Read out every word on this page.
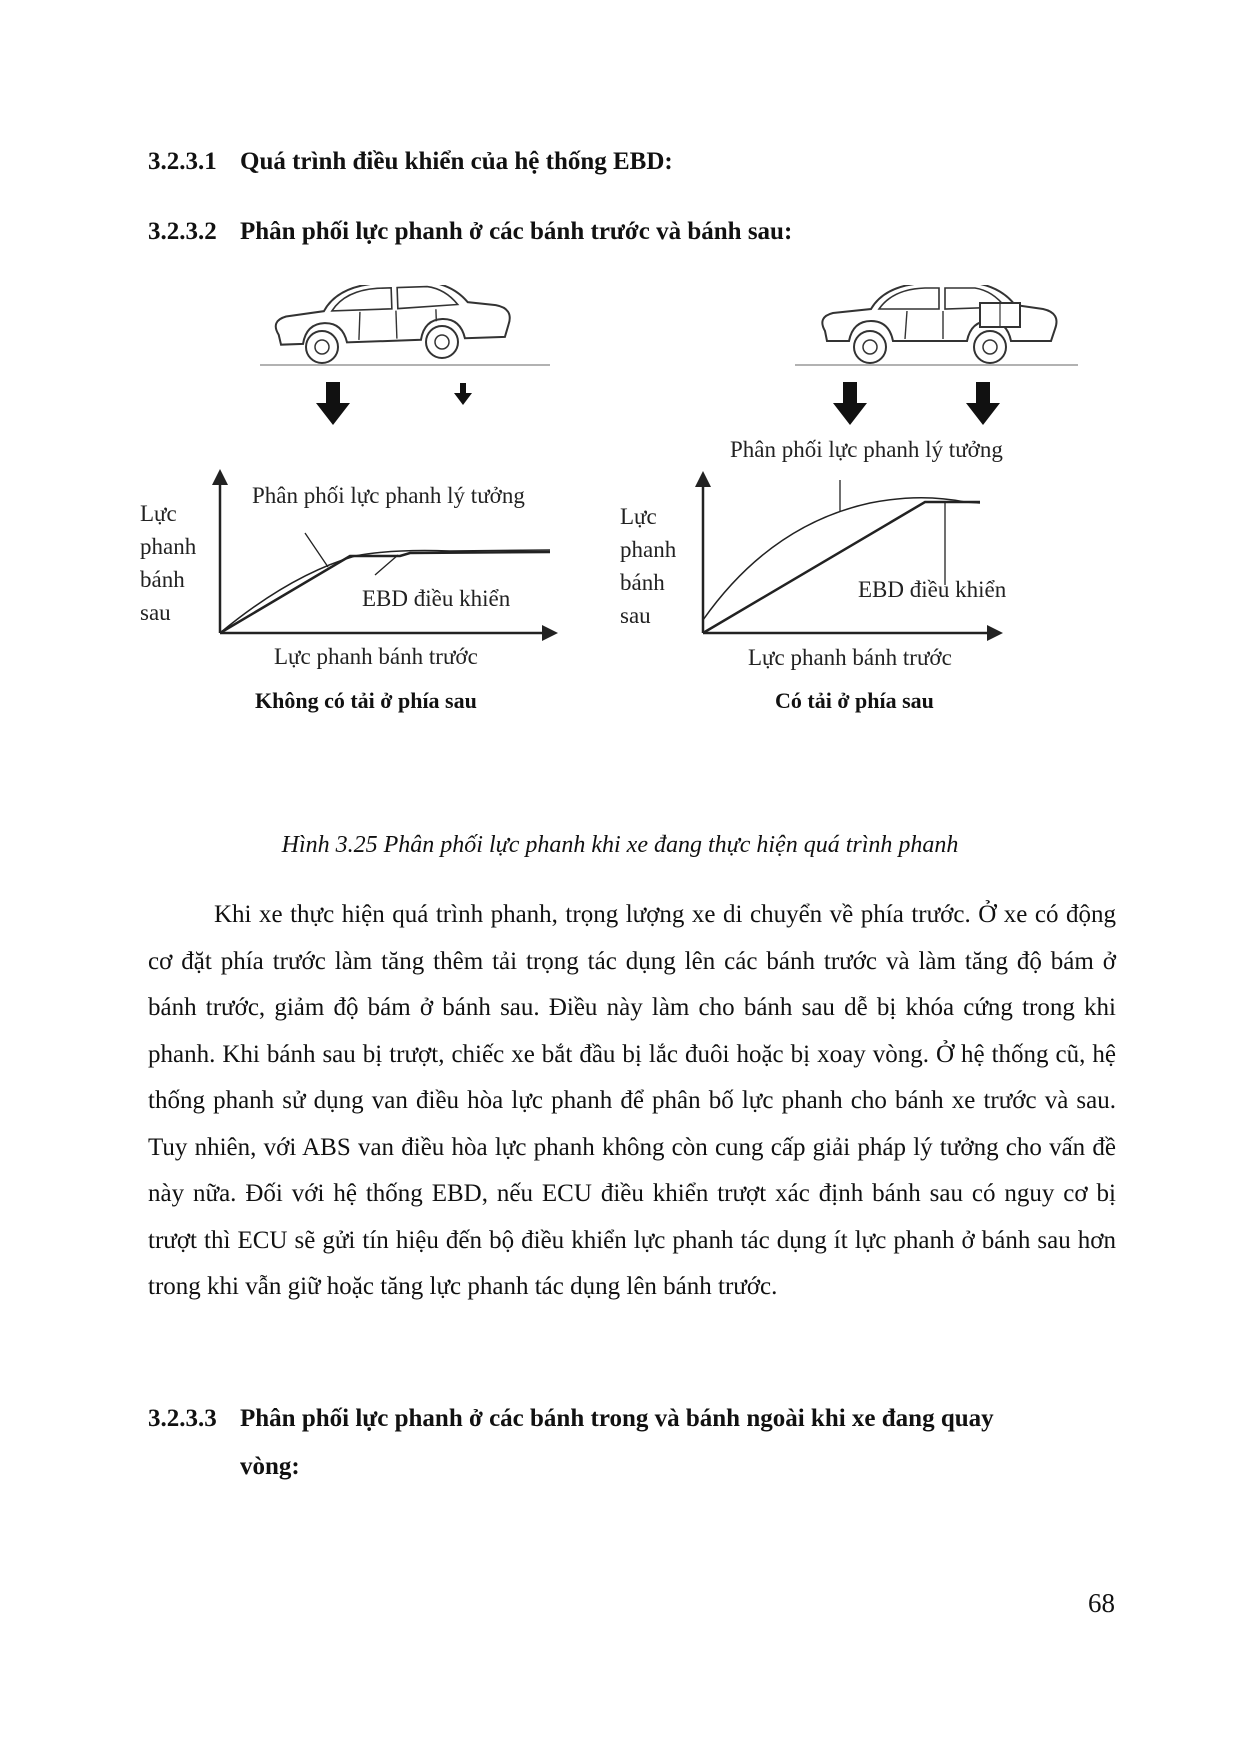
3.2.3.1 Quá trình điều khiển của hệ thống EBD:
3.2.3.2 Phân phối lực phanh ở các bánh trước và bánh sau:
Phân phối lực phanh lý tưởng
Lực
phanh
bánh
sau
EBD điều khiển
Lực phanh bánh trước
Không có tải ở phía sau
Phân phối lực phanh lý tưởng
Lực
phanh
bánh
sau
EBD điều khiển
Lực phanh bánh trước
Có tải ở phía sau
Hình 3.25 Phân phối lực phanh khi xe đang thực hiện quá trình phanh

Khi xe thực hiện quá trình phanh, trọng lượng xe di chuyển về phía trước. Ở xe có động cơ đặt phía trước làm tăng thêm tải trọng tác dụng lên các bánh trước và làm tăng độ bám ở bánh trước, giảm độ bám ở bánh sau. Điều này làm cho bánh sau dễ bị khóa cứng trong khi phanh. Khi bánh sau bị trượt, chiếc xe bắt đầu bị lắc đuôi hoặc bị xoay vòng. Ở hệ thống cũ, hệ thống phanh sử dụng van điều hòa lực phanh để phân bố lực phanh cho bánh xe trước và sau. Tuy nhiên, với ABS van điều hòa lực phanh không còn cung cấp giải pháp lý tưởng cho vấn đề này nữa. Đối với hệ thống EBD, nếu ECU điều khiển trượt xác định bánh sau có nguy cơ bị trượt thì ECU sẽ gửi tín hiệu đến bộ điều khiển lực phanh tác dụng ít lực phanh ở bánh sau hơn trong khi vẫn giữ hoặc tăng lực phanh tác dụng lên bánh trước.

3.2.3.3 Phân phối lực phanh ở các bánh trong và bánh ngoài khi xe đang quay
vòng:
68
